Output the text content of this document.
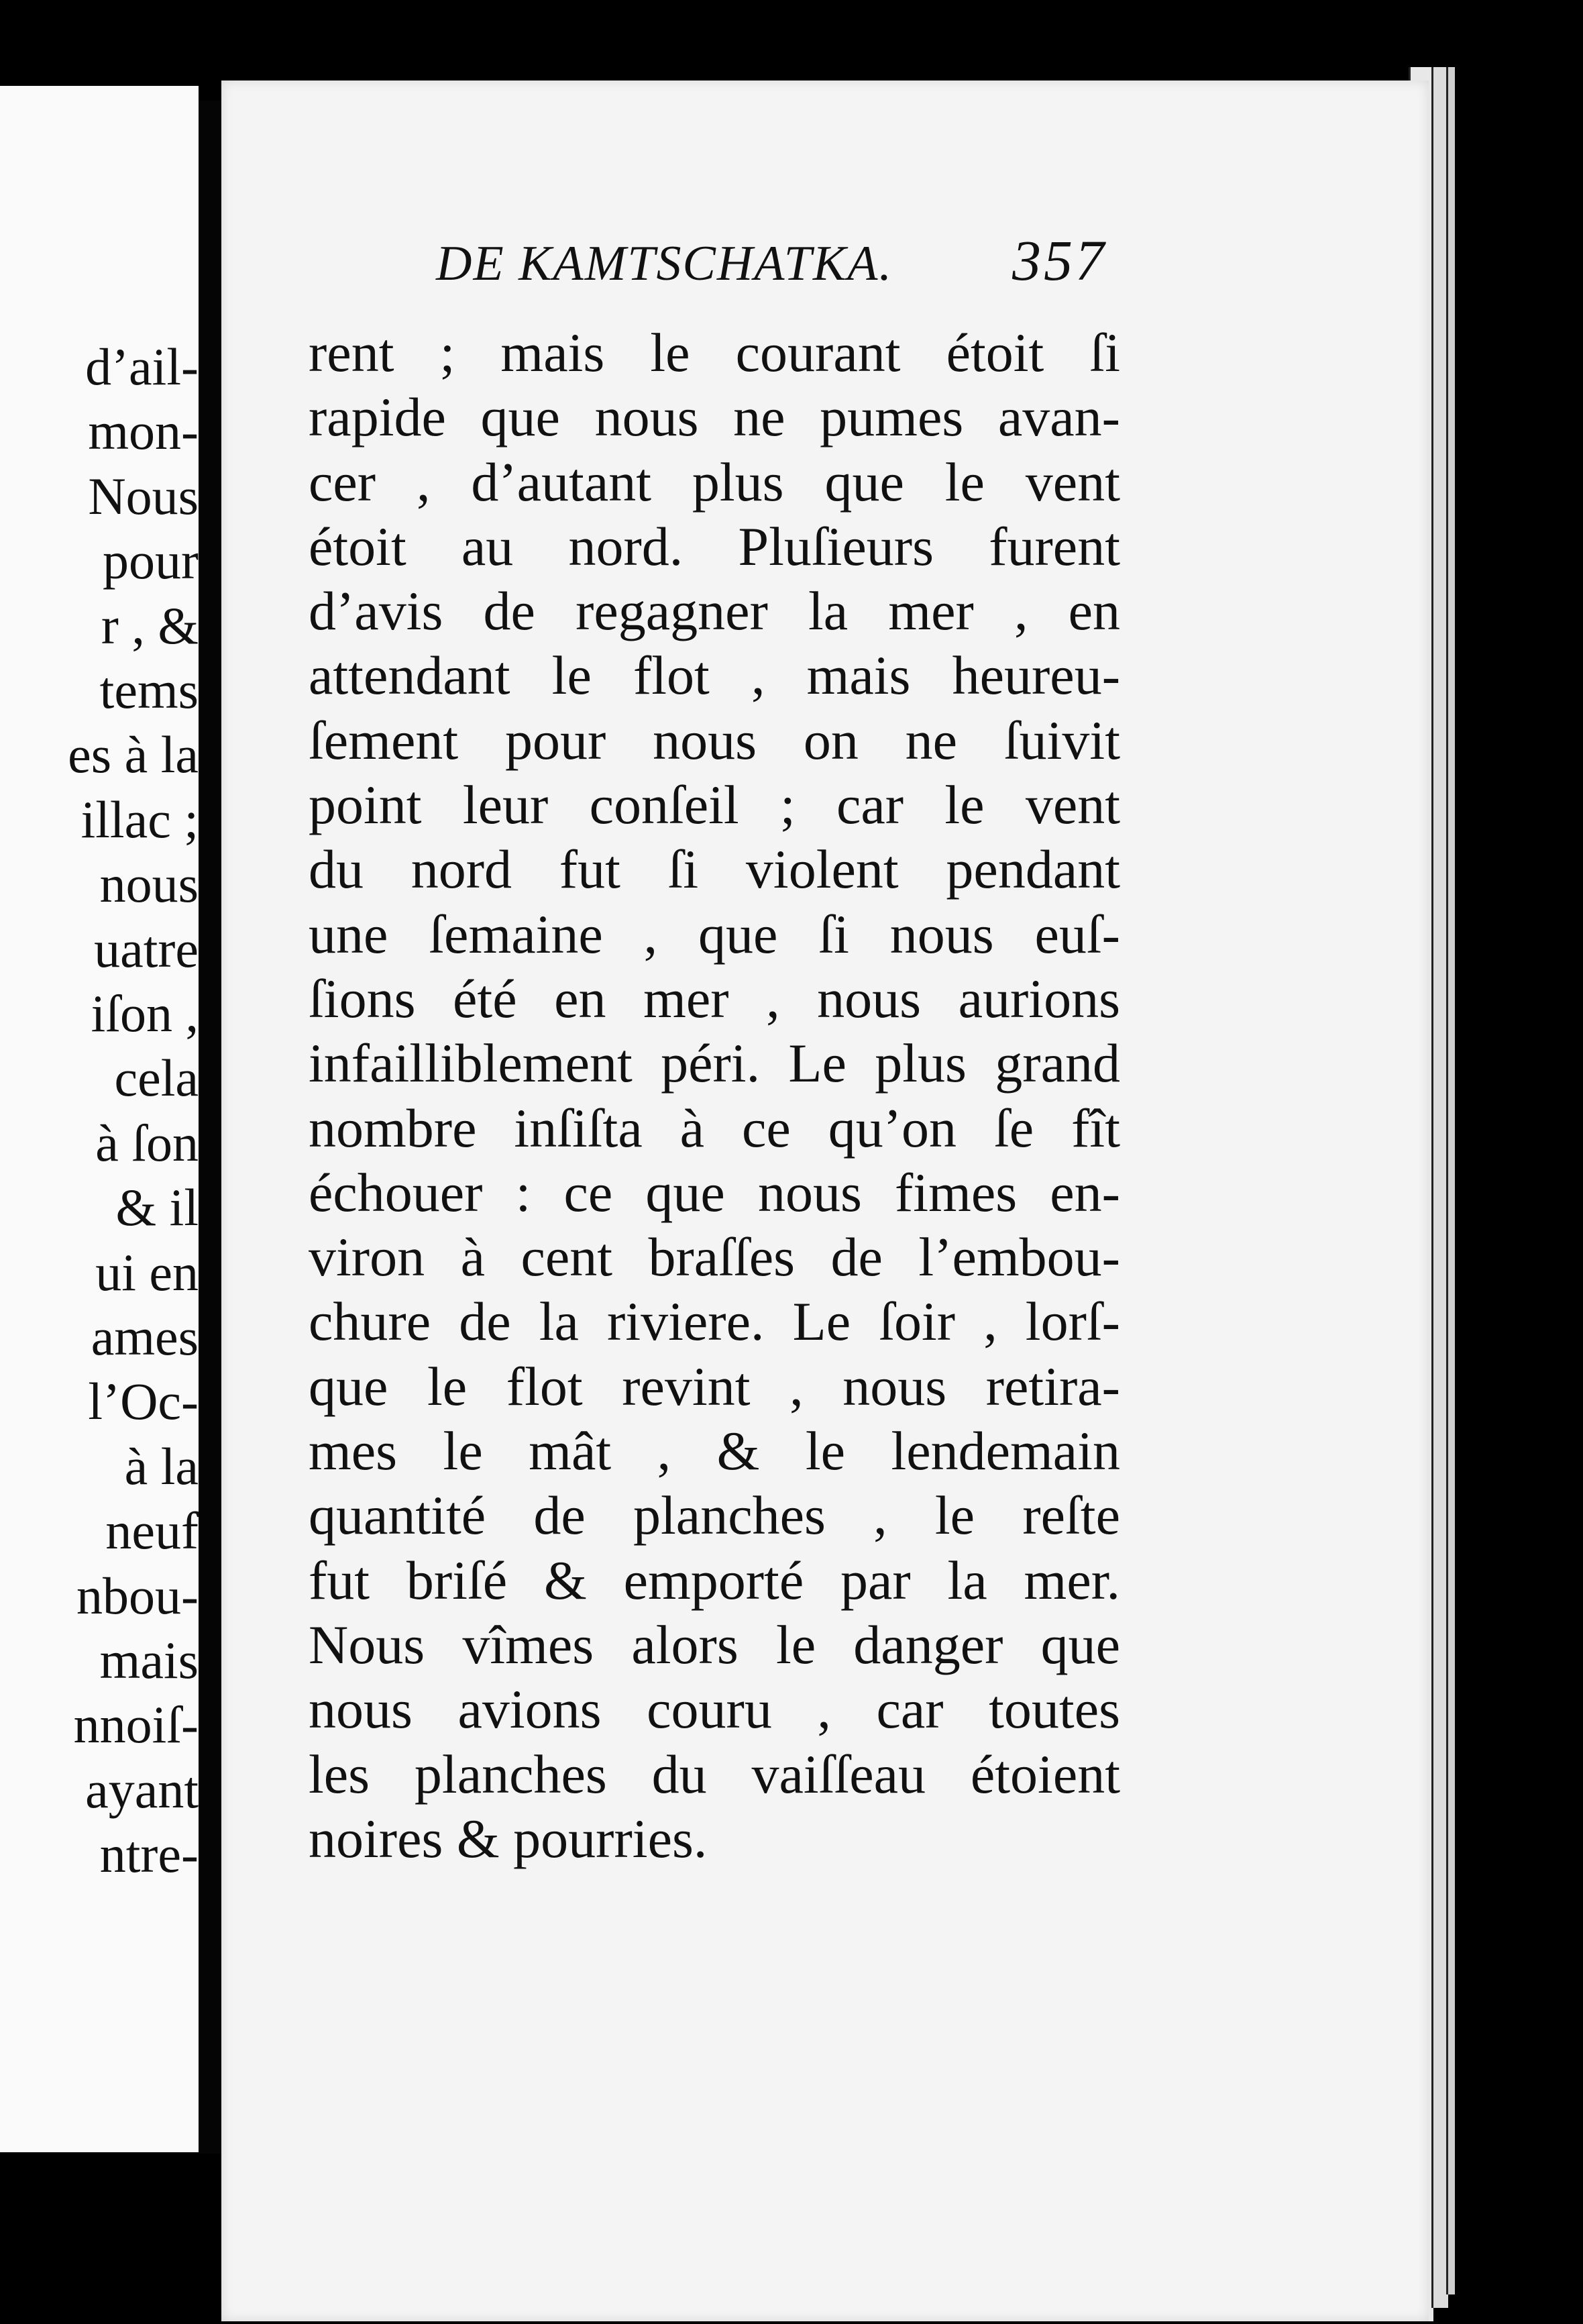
d’ail-
mon-
Nous
pour
r , &
tems
es à la
illac ;
nous
uatre
iſon ,
cela
à ſon
& il
ui en
ames
l’Oc-
à la
neuf
nbou-
mais
nnoiſ-
ayant
ntre-
DE KAMTSCHATKA. 357
rent ; mais le courant étoit ſi
rapide que nous ne pumes avan-
cer , d’autant plus que le vent
étoit au nord. Pluſieurs furent
d’avis de regagner la mer , en
attendant le flot , mais heureu-
ſement pour nous on ne ſuivit
point leur conſeil ; car le vent
du nord fut ſi violent pendant
une ſemaine , que ſi nous euſ-
ſions été en mer , nous aurions
infailliblement péri. Le plus grand
nombre inſiſta à ce qu’on ſe fît
échouer : ce que nous fimes en-
viron à cent braſſes de l’embou-
chure de la riviere. Le ſoir , lorſ-
que le flot revint , nous retira-
mes le mât , & le lendemain
quantité de planches , le reſte
fut briſé & emporté par la mer.
Nous vîmes alors le danger que
nous avions couru , car toutes
les planches du vaiſſeau étoient
noires & pourries.
